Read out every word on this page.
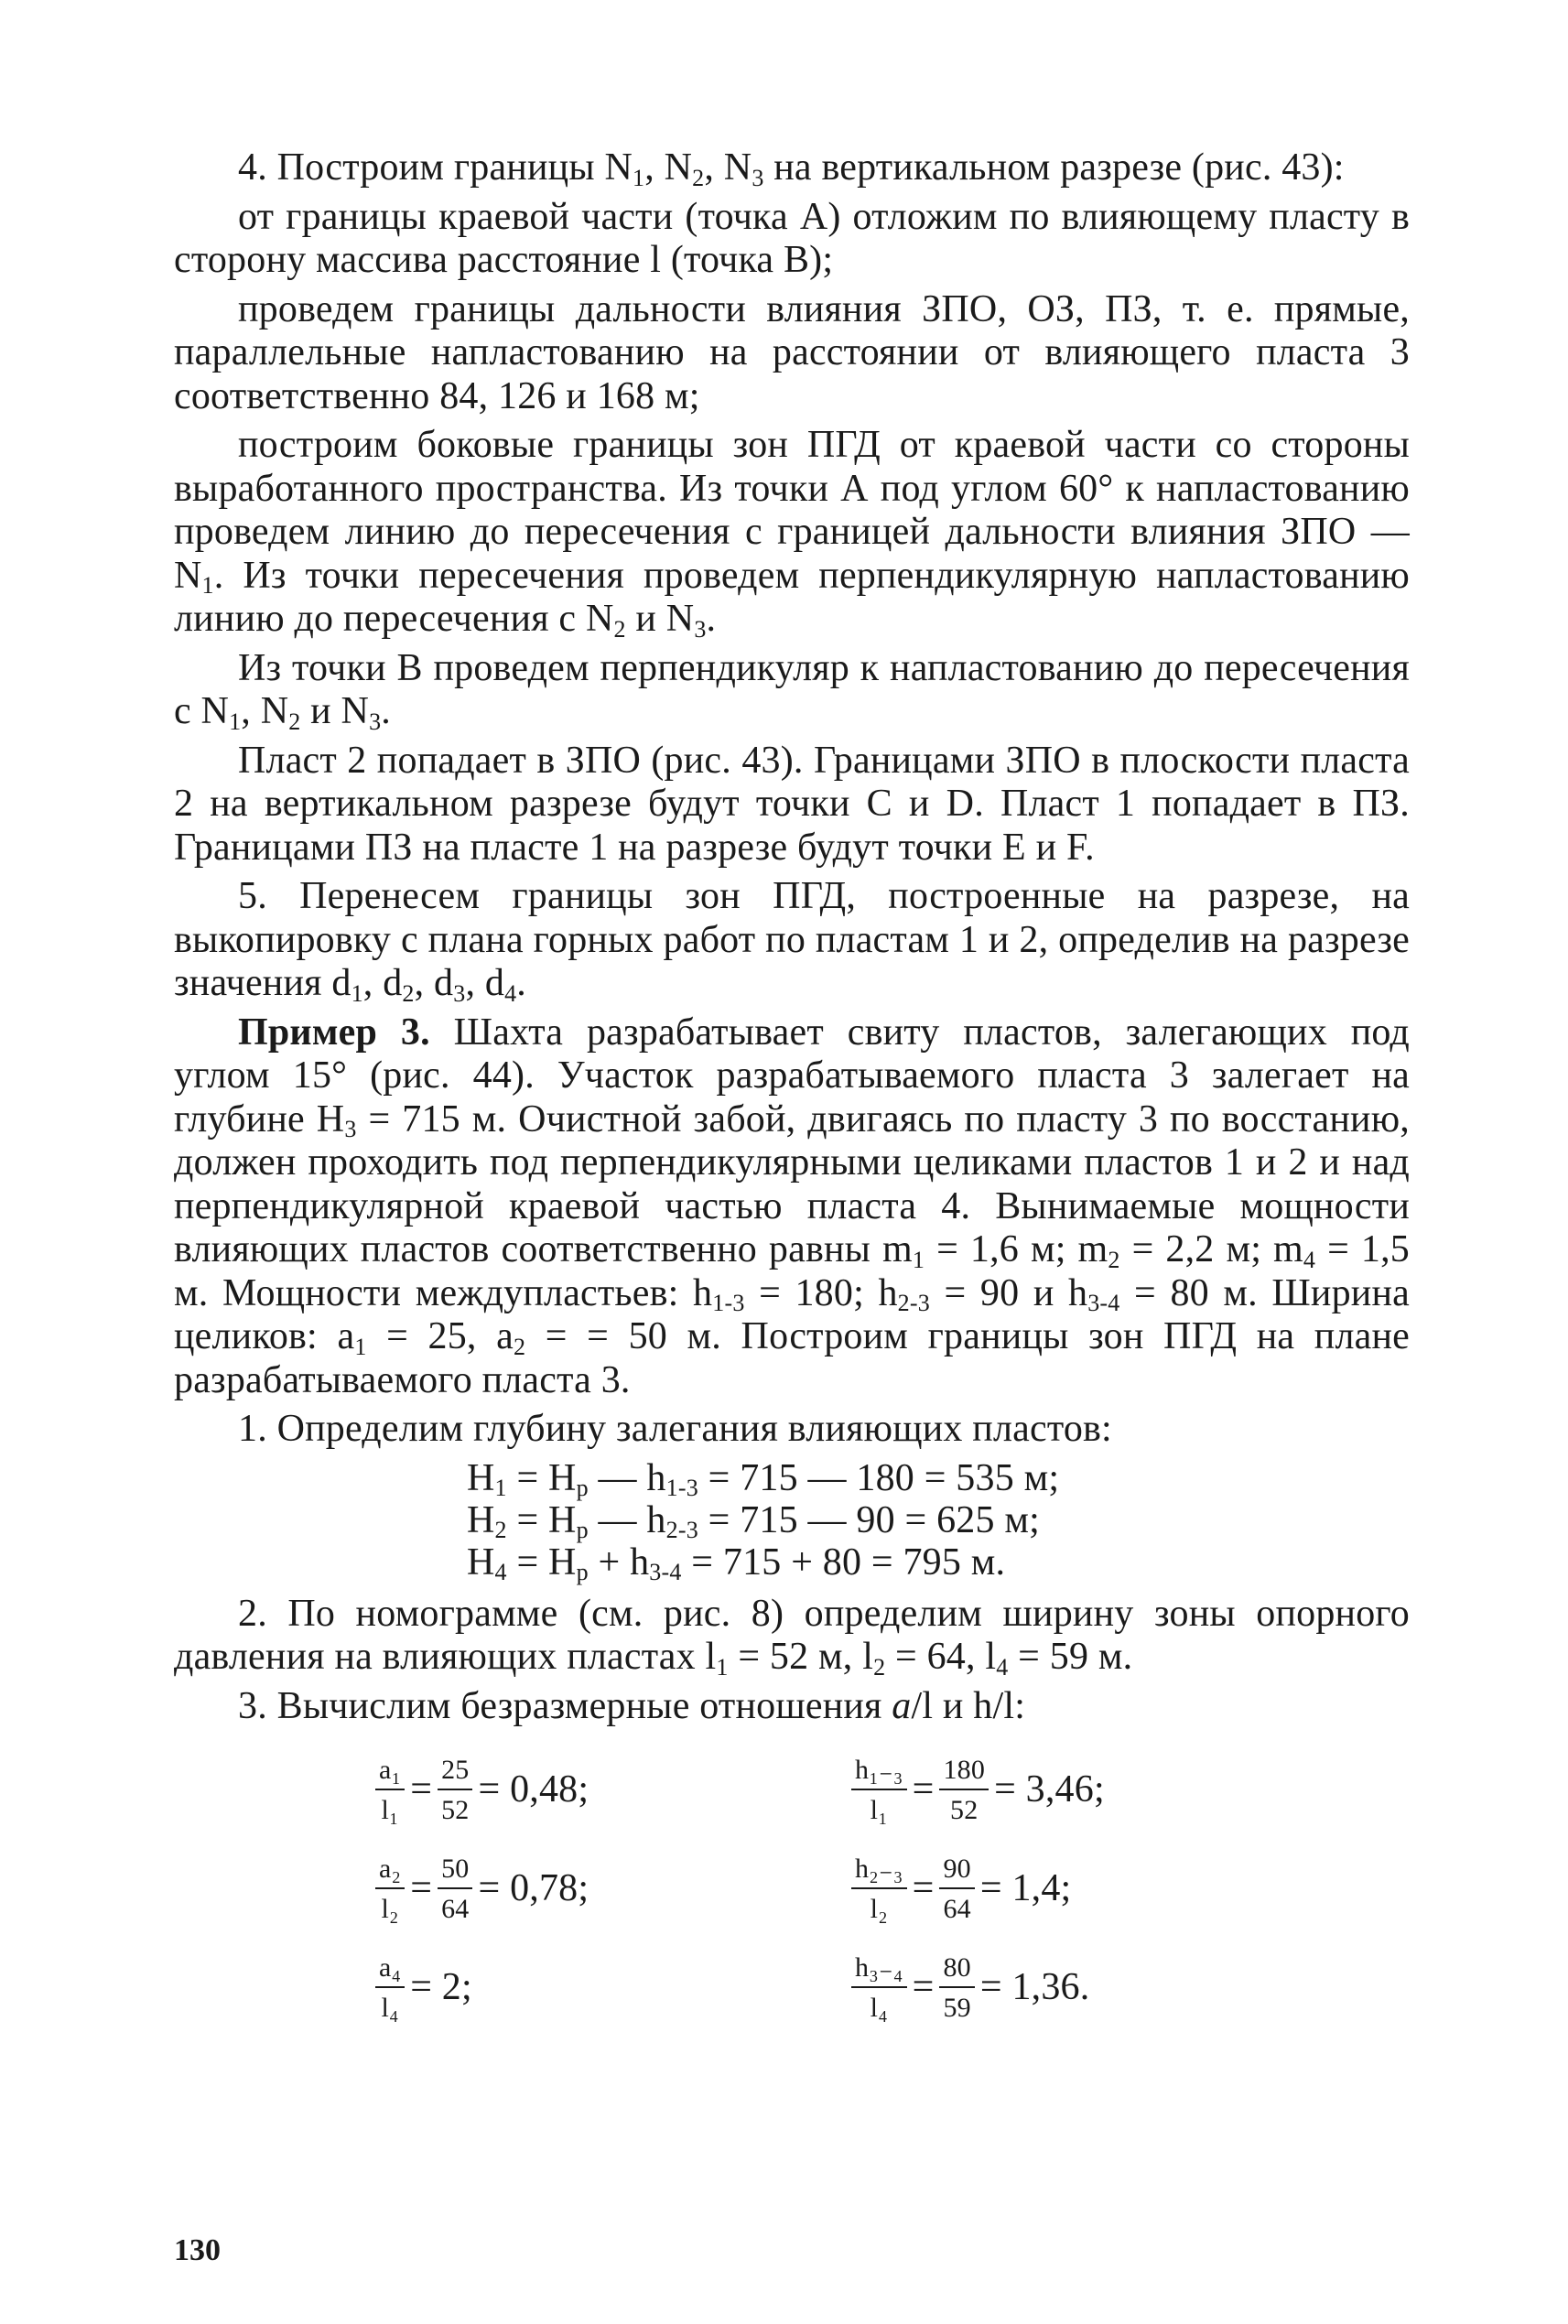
4. Построим границы $N_1$, $N_2$, $N_3$ на вертикальном разрезе (рис. 43):

от границы краевой части (точка А) отложим по влияющему пласту в сторону массива расстояние l (точка В);

проведем границы дальности влияния ЗПО, ОЗ, ПЗ, т. е. прямые, параллельные напластованию на расстоянии от влияющего пласта 3 соответственно 84, 126 и 168 м;

построим боковые границы зон ПГД от краевой части со стороны выработанного пространства. Из точки А под углом 60° к напластованию проведем линию до пересечения с границей дальности влияния ЗПО — $N_1$. Из точки пересечения проведем перпендикулярную напластованию линию до пересечения с $N_2$ и $N_3$.

Из точки В проведем перпендикуляр к напластованию до пересечения с $N_1$, $N_2$ и $N_3$.

Пласт 2 попадает в ЗПО (рис. 43). Границами ЗПО в плоскости пласта 2 на вертикальном разрезе будут точки С и D. Пласт 1 попадает в ПЗ. Границами ПЗ на пласте 1 на разрезе будут точки Е и F.

5. Перенесем границы зон ПГД, построенные на разрезе, на выкопировку с плана горных работ по пластам 1 и 2, определив на разрезе значения $d_1$, $d_2$, $d_3$, $d_4$.

Пример 3. Шахта разрабатывает свиту пластов, залегающих под углом 15° (рис. 44). Участок разрабатываемого пласта 3 залегает на глубине $H_3 = 715$ м. Очистной забой, двигаясь по пласту 3 по восстанию, должен проходить под перпендикулярными целиками пластов 1 и 2 и над перпендикулярной краевой частью пласта 4. Вынимаемые мощности влияющих пластов соответственно равны $m_1 = 1,6$ м; $m_2 = 2,2$ м; $m_4 = 1,5$ м. Мощности междупластьев: $h_{1-3} = 180$; $h_{2-3} = 90$ и $h_{3-4} = 80$ м. Ширина целиков: $a_1 = 25$, $a_2$ = = 50 м. Построим границы зон ПГД на плане разрабатываемого пласта 3.

1. Определим глубину залегания влияющих пластов:

$H_1 = H_p$ — $h_{1-3} = 715$ — 180 = 535 м;
$H_2 = H_p$ — $h_{2-3} = 715$ — 90 = 625 м;
$H_4 = H_p + h_{3-4} = 715 + 80 = 795$ м.

2. По номограмме (см. рис. 8) определим ширину зоны опорного давления на влияющих пластах $l_1 = 52$ м, $l_2 = 64$, $l_4 = 59$ м.

3. Вычислим безразмерные отношения a/l и h/l:

$\frac{\text{a₁}}{\text{l₁}} = \frac{25}{52} = 0,48$;
$\frac{\text{a₂}}{\text{l₂}} = \frac{50}{64} = 0,78$;
$\frac{\text{a₄}}{\text{l₄}} = 2$;
$\frac{\text{h₁₋₃}}{\text{l₁}} = \frac{180}{52} = 3,46$;
$\frac{\text{h₂₋₃}}{\text{l₂}} = \frac{90}{64} = 1,4$;
$\frac{\text{h₃₋₄}}{\text{l₄}} = \frac{80}{59} = 1,36$.
130
